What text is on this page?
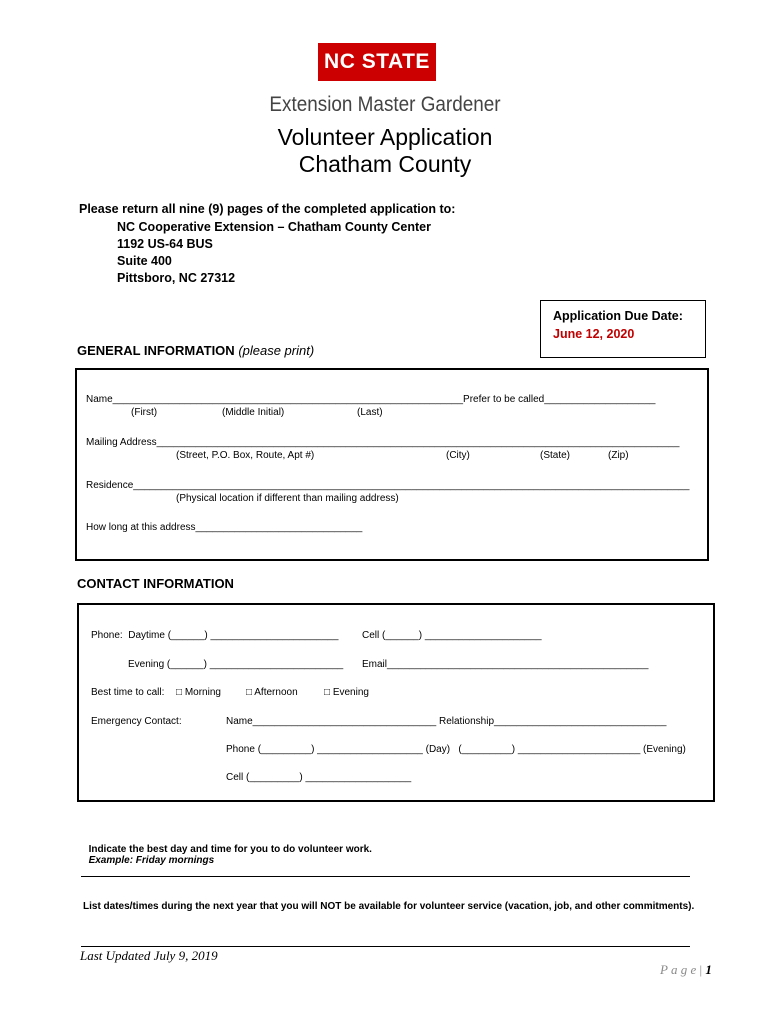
NC STATE
Extension Master Gardener
Volunteer Application
Chatham County
Please return all nine (9) pages of the completed application to:
NC Cooperative Extension – Chatham County Center
1192 US-64 BUS
Suite 400
Pittsboro, NC 27312
Application Due Date:
June 12, 2020
GENERAL INFORMATION (please print)
Name_______________________________________________________________Prefer to be called____________________
(First)	(Middle Initial)	(Last)
Mailing Address______________________________________________________________________________________________
(Street, P.O. Box, Route, Apt #)	(City)	(State)	(Zip)
Residence____________________________________________________________________________________________________
(Physical location if different than mailing address)
How long at this address______________________________
CONTACT INFORMATION
Phone:  Daytime (______) _______________________ Cell (______) _____________________
Evening (______) ________________________ Email_______________________________________________
Best time to call: □ Morning	□ Afternoon	□ Evening
Emergency Contact:	Name_________________________________ Relationship_______________________________
Phone (_________) ___________________ (Day)   (_________) ______________________ (Evening)
Cell (_________) ___________________

Indicate the best day and time for you to do volunteer work.
Example: Friday mornings

List dates/times during the next year that you will NOT be available for volunteer service (vacation, job, and other commitments).
Last Updated July 9, 2019
P a g e | 1
